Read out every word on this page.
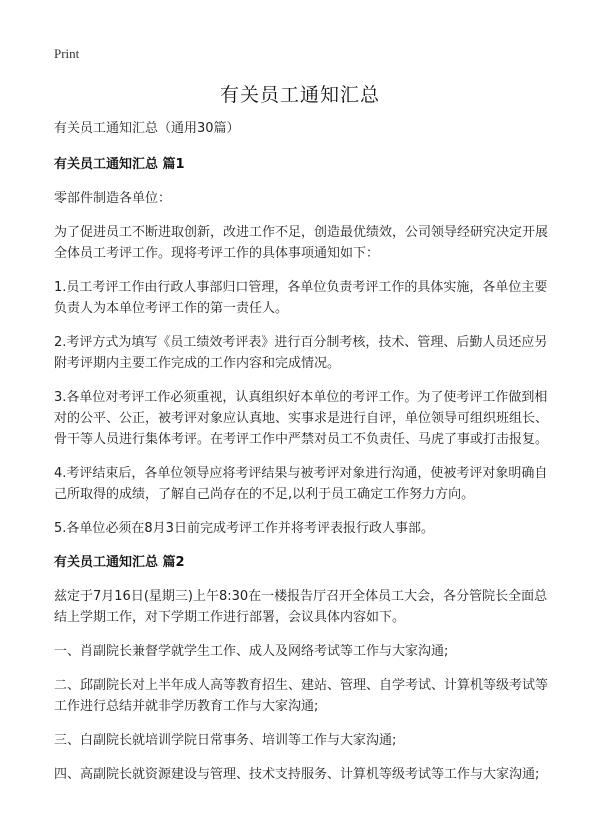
Print
有关员工通知汇总
有关员工通知汇总（通用30篇）
有关员工通知汇总 篇1
零部件制造各单位：
为了促进员工不断进取创新，改进工作不足，创造最优绩效，公司领导经研究决定开展全体员工考评工作。现将考评工作的具体事项通知如下：
1.员工考评工作由行政人事部归口管理，各单位负责考评工作的具体实施，各单位主要负责人为本单位考评工作的第一责任人。
2.考评方式为填写《员工绩效考评表》进行百分制考核，技术、管理、后勤人员还应另附考评期内主要工作完成的工作内容和完成情况。
3.各单位对考评工作必须重视，认真组织好本单位的考评工作。为了使考评工作做到相对的公平、公正，被考评对象应认真地、实事求是进行自评，单位领导可组织班组长、骨干等人员进行集体考评。在考评工作中严禁对员工不负责任、马虎了事或打击报复。
4.考评结束后，各单位领导应将考评结果与被考评对象进行沟通，使被考评对象明确自己所取得的成绩，了解自己尚存在的不足,以利于员工确定工作努力方向。
5.各单位必须在8月3日前完成考评工作并将考评表报行政人事部。
有关员工通知汇总 篇2
兹定于7月16日(星期三)上午8:30在一楼报告厅召开全体员工大会，各分管院长全面总结上学期工作，对下学期工作进行部署，会议具体内容如下。
一、肖副院长兼督学就学生工作、成人及网络考试等工作与大家沟通;
二、邱副院长对上半年成人高等教育招生、建站、管理、自学考试、计算机等级考试等工作进行总结并就非学历教育工作与大家沟通;
三、白副院长就培训学院日常事务、培训等工作与大家沟通;
四、高副院长就资源建设与管理、技术支持服务、计算机等级考试等工作与大家沟通;
